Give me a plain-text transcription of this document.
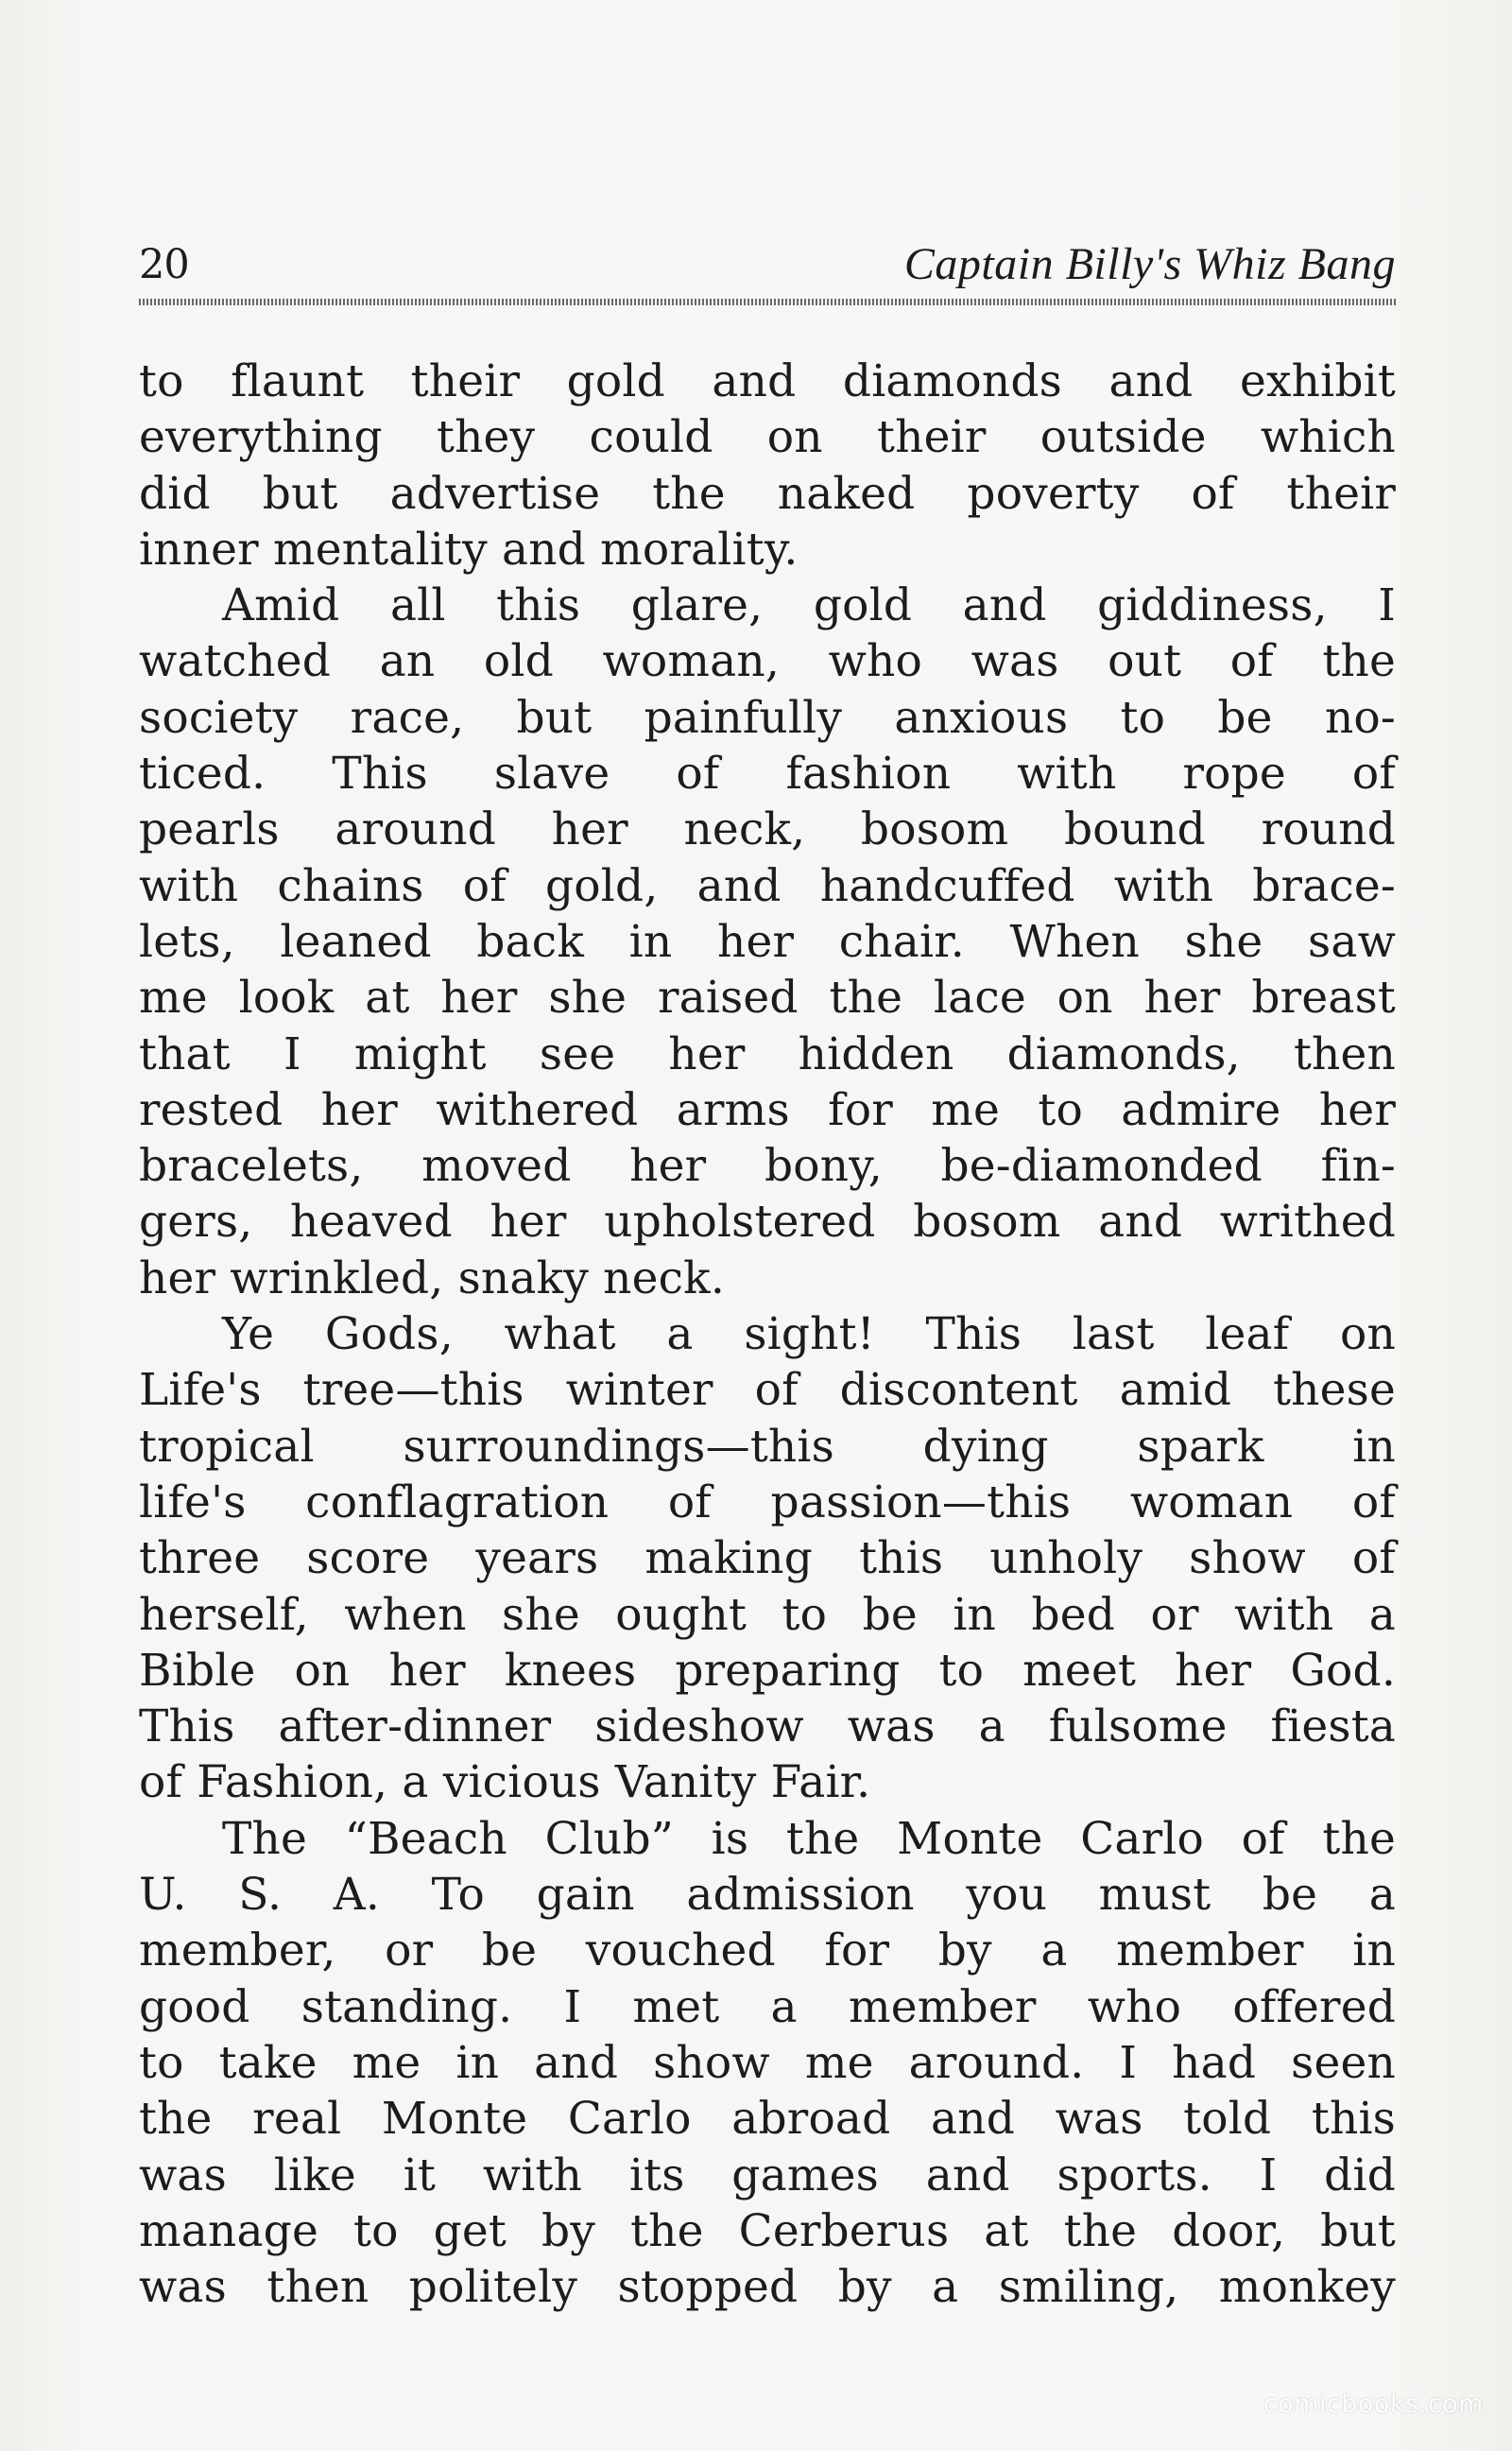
20	Captain Billy's Whiz Bang
to flaunt their gold and diamonds and exhibit
everything they could on their outside which
did but advertise the naked poverty of their
inner mentality and morality.
Amid all this glare, gold and giddiness, I
watched an old woman, who was out of the
society race, but painfully anxious to be no-
ticed. This slave of fashion with rope of
pearls around her neck, bosom bound round
with chains of gold, and handcuffed with brace-
lets, leaned back in her chair. When she saw
me look at her she raised the lace on her breast
that I might see her hidden diamonds, then
rested her withered arms for me to admire her
bracelets, moved her bony, be-diamonded fin-
gers, heaved her upholstered bosom and writhed
her wrinkled, snaky neck.
Ye Gods, what a sight! This last leaf on
Life's tree—this winter of discontent amid these
tropical surroundings—this dying spark in
life's conflagration of passion—this woman of
three score years making this unholy show of
herself, when she ought to be in bed or with a
Bible on her knees preparing to meet her God.
This after-dinner sideshow was a fulsome fiesta
of Fashion, a vicious Vanity Fair.
The “Beach Club” is the Monte Carlo of the
U. S. A. To gain admission you must be a
member, or be vouched for by a member in
good standing. I met a member who offered
to take me in and show me around. I had seen
the real Monte Carlo abroad and was told this
was like it with its games and sports. I did
manage to get by the Cerberus at the door, but
was then politely stopped by a smiling, monkey
comicbooks.com
